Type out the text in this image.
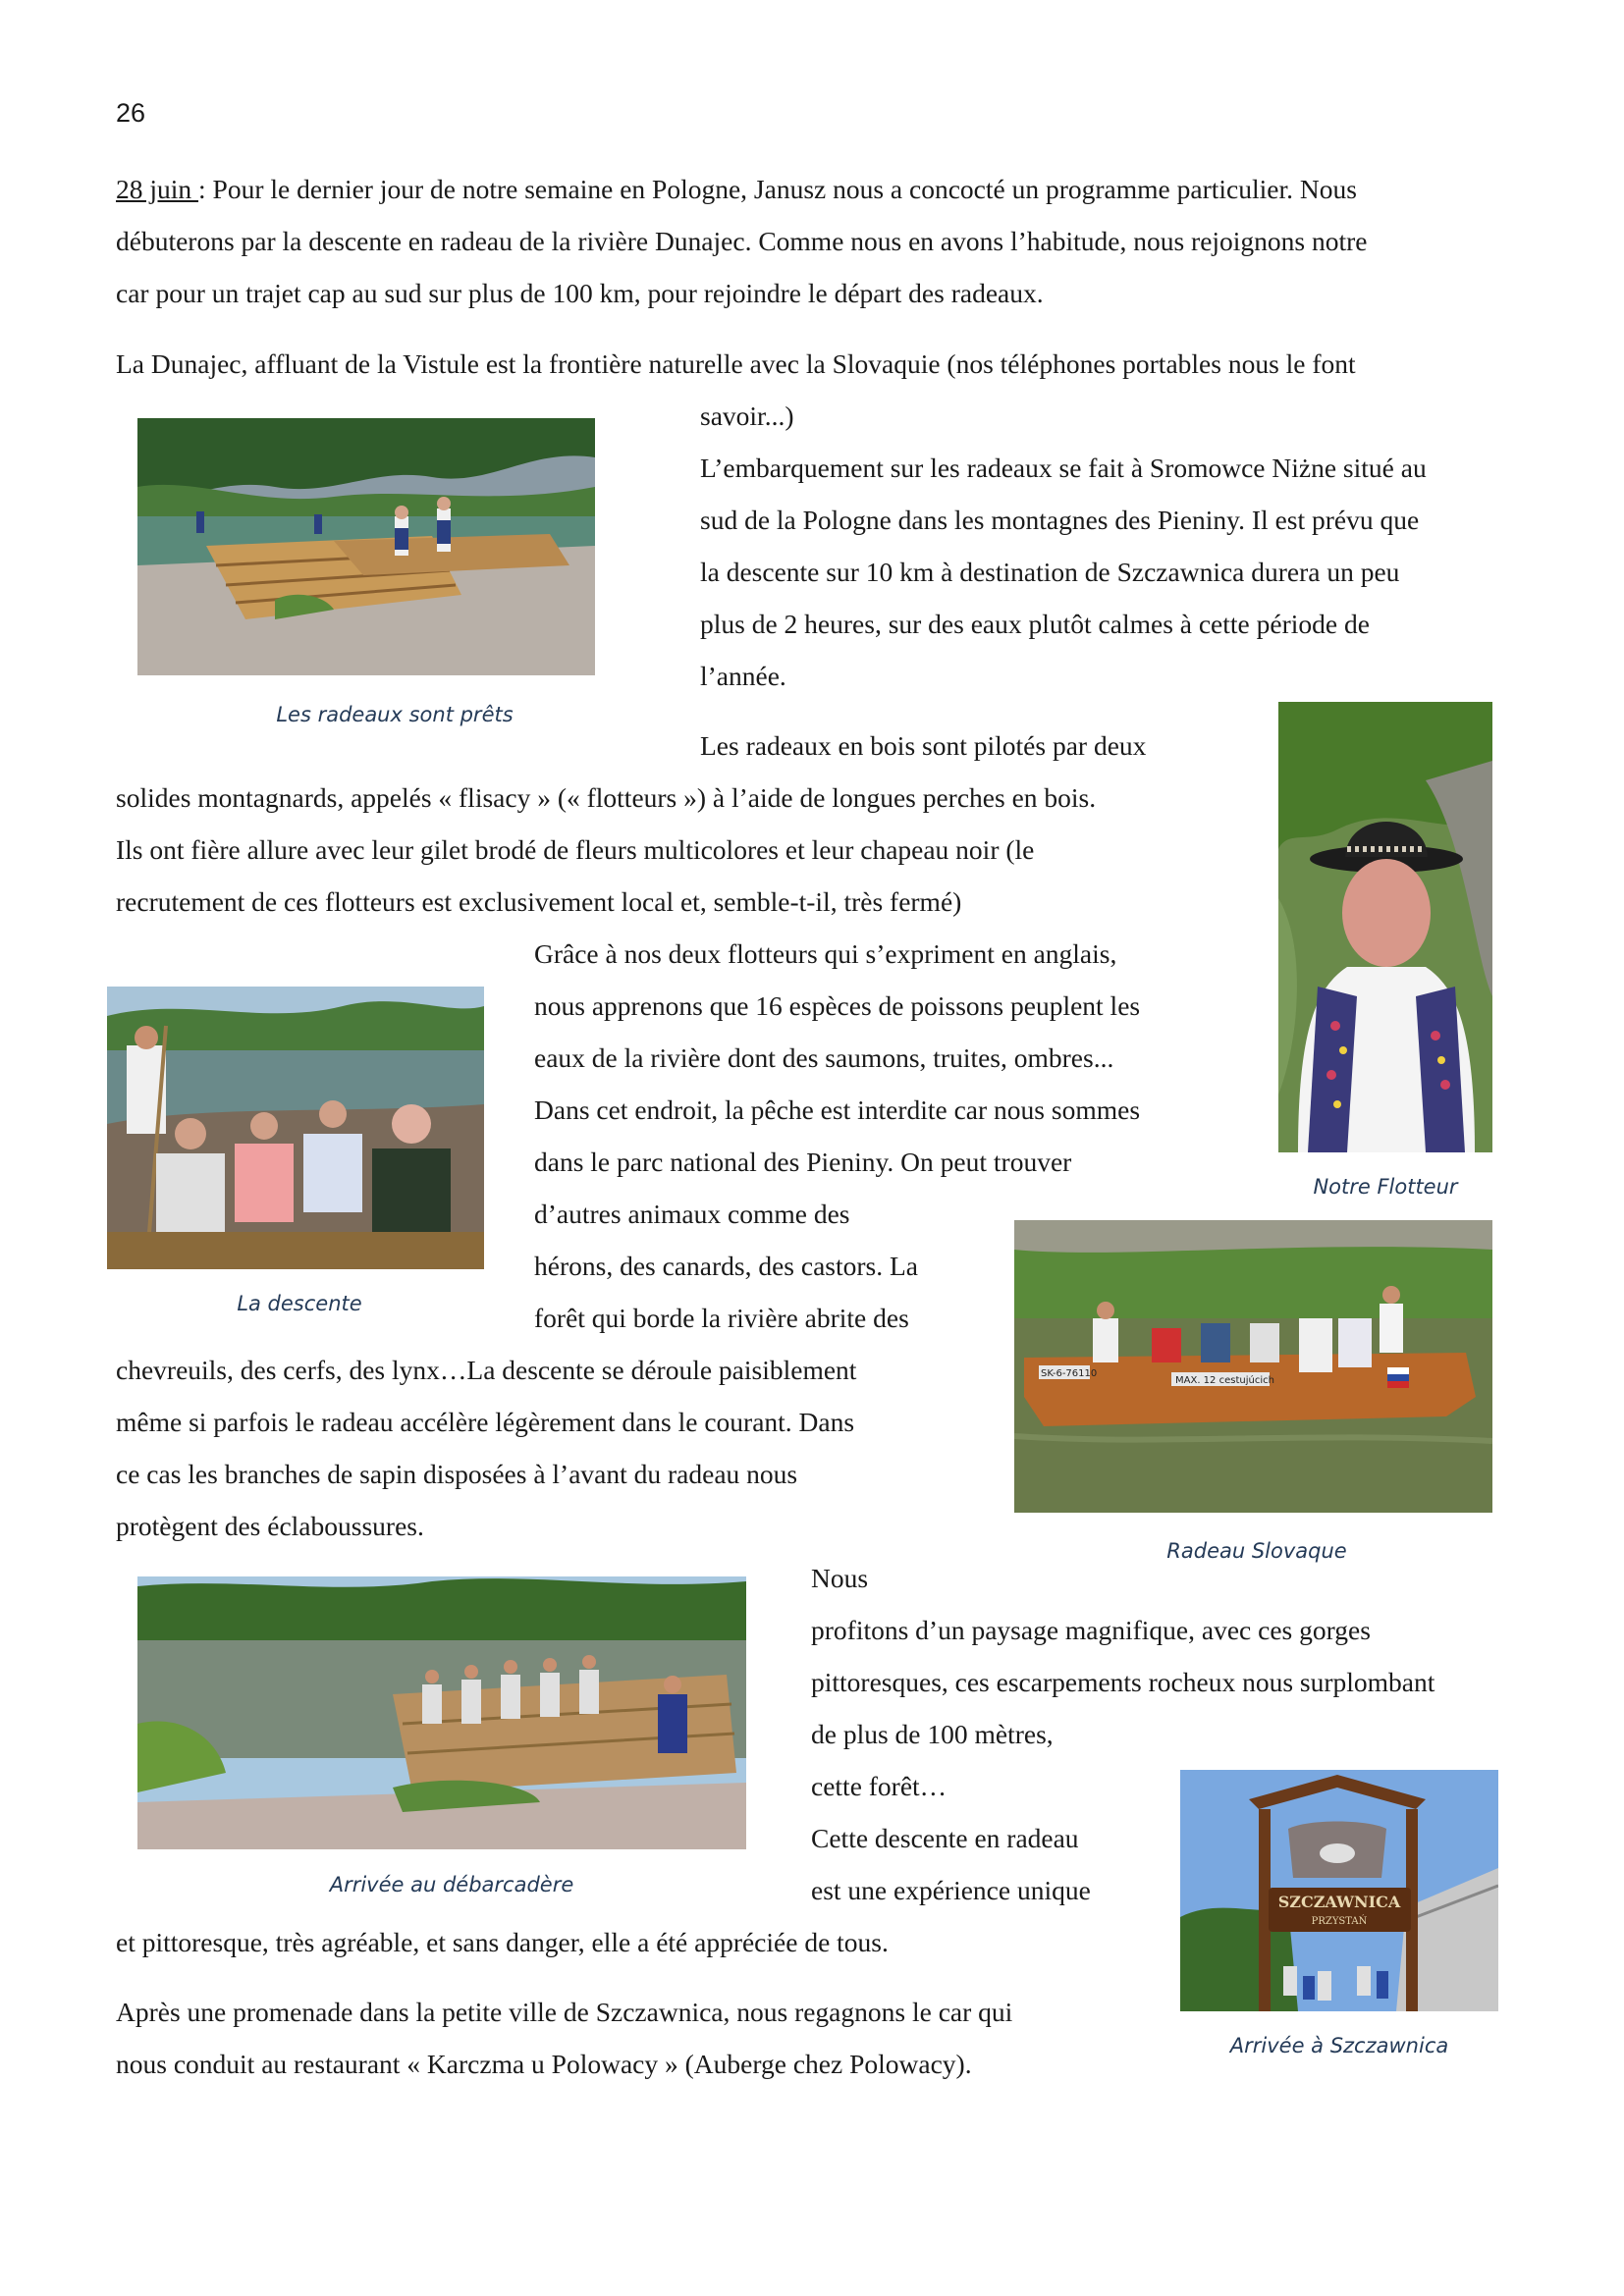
26
28 juin : Pour le dernier jour de notre semaine en Pologne, Janusz nous a concocté un programme particulier. Nous
débuterons par la descente en radeau de la rivière Dunajec. Comme nous en avons l’habitude, nous rejoignons notre
car pour un trajet cap au sud sur plus de 100 km, pour rejoindre le départ des radeaux.
La Dunajec, affluant de la Vistule est la frontière naturelle avec la Slovaquie (nos téléphones portables nous le font
savoir...)
L’embarquement sur les radeaux se fait à Sromowce Niżne situé au
sud de la Pologne dans les montagnes des Pieniny. Il est prévu que
la descente sur 10 km à destination de Szczawnica durera un peu
plus de 2 heures, sur des eaux plutôt calmes à cette période de
l’année.
Les radeaux en bois sont pilotés par deux
solides montagnards, appelés « flisacy » (« flotteurs ») à l’aide de longues perches en bois.
Ils ont fière allure avec leur gilet brodé de fleurs multicolores et leur chapeau noir (le
recrutement de ces flotteurs est exclusivement local et, semble-t-il, très fermé)
Grâce à nos deux flotteurs qui s’expriment en anglais,
nous apprenons que 16 espèces de poissons peuplent les
eaux de la rivière dont des saumons, truites, ombres...
Dans cet endroit, la pêche est interdite car nous sommes
dans le parc national des Pieniny. On peut trouver
d’autres animaux comme des
hérons, des canards, des castors. La
forêt qui borde la rivière abrite des
chevreuils, des cerfs, des lynx…La descente se déroule paisiblement
même si parfois le radeau accélère légèrement dans le courant. Dans
ce cas les branches de sapin disposées à l’avant du radeau nous
protègent des éclaboussures.
Nous
profitons d’un paysage magnifique, avec ces gorges
pittoresques, ces escarpements rocheux nous surplombant
de plus de 100 mètres,
cette forêt…
Cette descente en radeau
est une expérience unique
et pittoresque, très agréable, et sans danger, elle a été appréciée de tous.
Après une promenade dans la petite ville de Szczawnica, nous regagnons le car qui
nous conduit au restaurant « Karczma u Polowacy » (Auberge chez Polowacy).
Les radeaux sont prêts
Notre Flotteur
La descente
SK-6-76110
MAX. 12 cestujúcich
Radeau Slovaque
Arrivée au débarcadère
SZCZAWNICA
PRZYSTAŃ
Arrivée à Szczawnica
